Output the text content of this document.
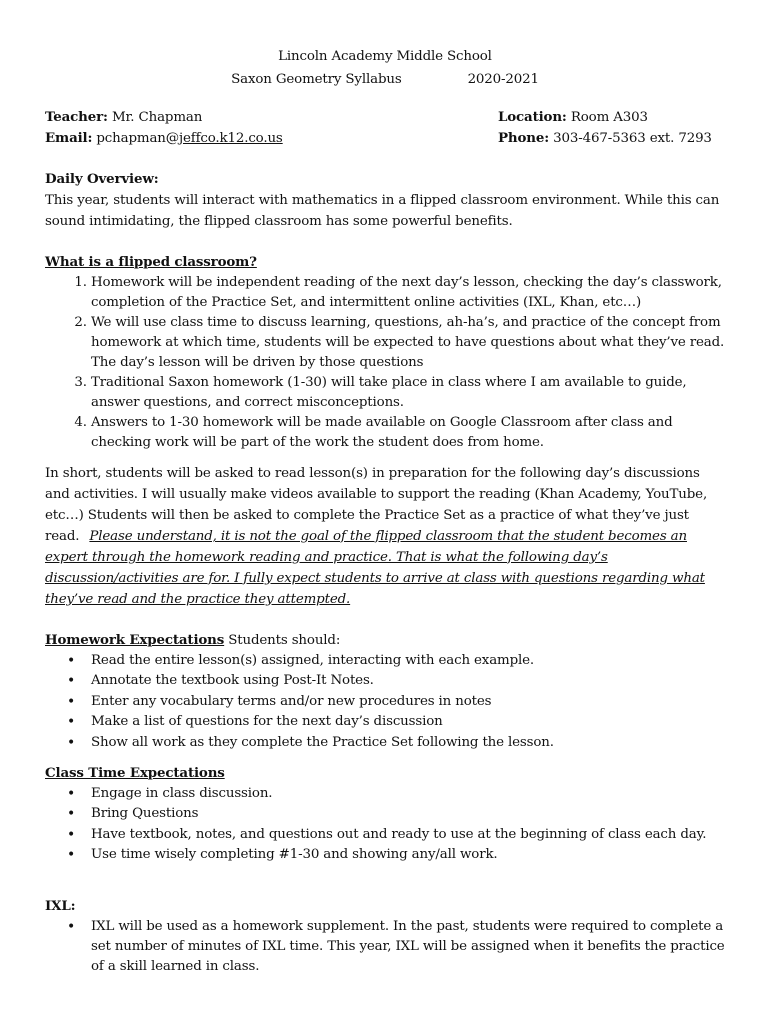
Lincoln Academy Middle School
Saxon Geometry Syllabus	2020-2021
Teacher: Mr. Chapman	Location: Room A303
Email: pchapman@jeffco.k12.co.us	Phone: 303-467-5363 ext. 7293

Daily Overview:

This year, students will interact with mathematics in a flipped classroom environment. While this can sound intimidating, the flipped classroom has some powerful benefits.

What is a flipped classroom?
1. Homework will be independent reading of the next day’s lesson, checking the day’s classwork, completion of the Practice Set, and intermittent online activities (IXL, Khan, etc…)
2. We will use class time to discuss learning, questions, ah-ha’s, and practice of the concept from homework at which time, students will be expected to have questions about what they’ve read. The day’s lesson will be driven by those questions
3. Traditional Saxon homework (1-30) will take place in class where I am available to guide, answer questions, and correct misconceptions.
4. Answers to 1-30 homework will be made available on Google Classroom after class and checking work will be part of the work the student does from home.

In short, students will be asked to read lesson(s) in preparation for the following day’s discussions and activities. I will usually make videos available to support the reading (Khan Academy, YouTube, etc…) Students will then be asked to complete the Practice Set as a practice of what they’ve just read. Please understand, it is not the goal of the flipped classroom that the student becomes an expert through the homework reading and practice. That is what the following day’s discussion/activities are for. I fully expect students to arrive at class with questions regarding what they’ve read and the practice they attempted.

Homework Expectations Students should:

• Read the entire lesson(s) assigned, interacting with each example.
• Annotate the textbook using Post-It Notes.
• Enter any vocabulary terms and/or new procedures in notes
• Make a list of questions for the next day’s discussion
• Show all work as they complete the Practice Set following the lesson.
Class Time Expectations
• Engage in class discussion.
• Bring Questions
• Have textbook, notes, and questions out and ready to use at the beginning of class each day.
• Use time wisely completing #1-30 and showing any/all work.

IXL:

• IXL will be used as a homework supplement. In the past, students were required to complete a set number of minutes of IXL time. This year, IXL will be assigned when it benefits the practice of a skill learned in class.
